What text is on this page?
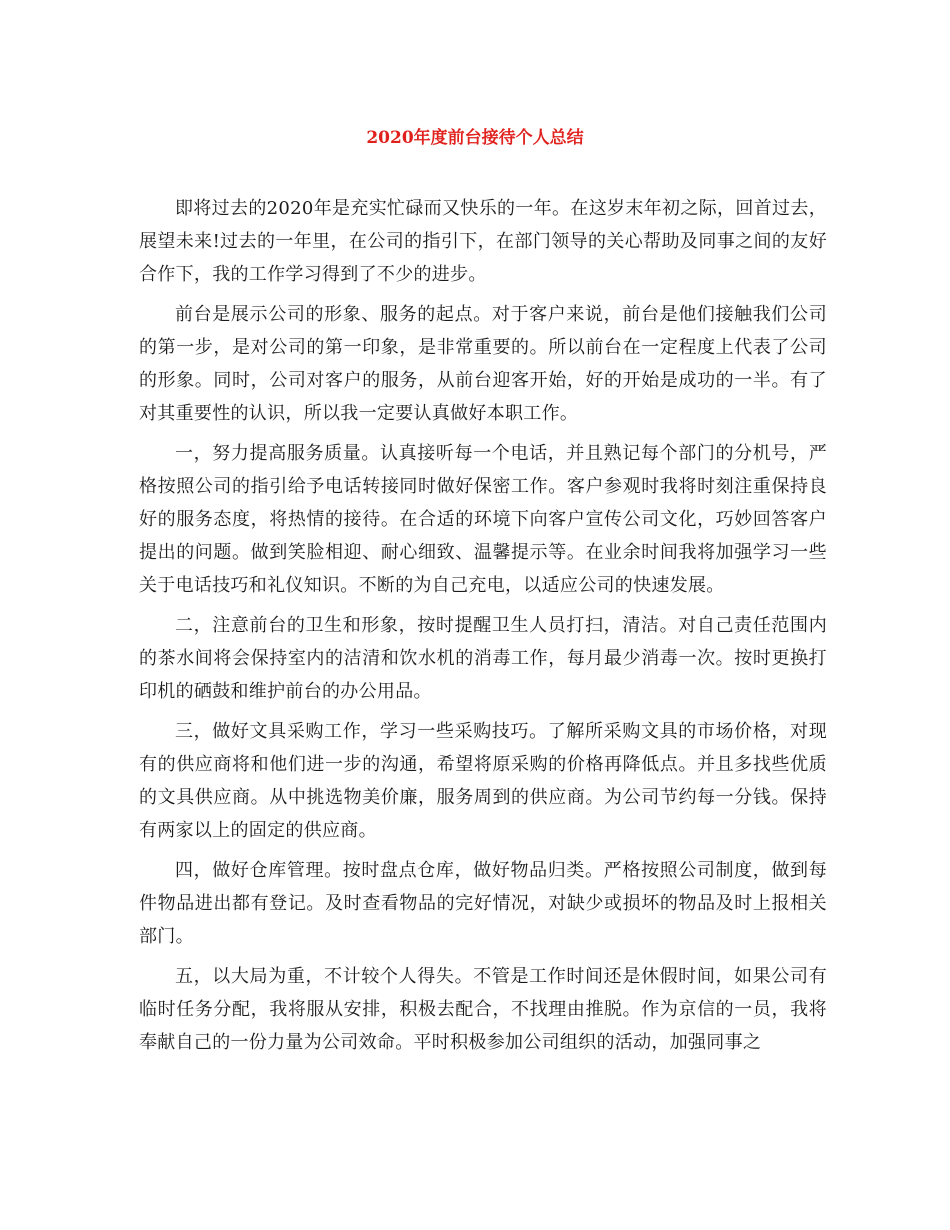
2020年度前台接待个人总结

即将过去的2020年是充实忙碌而又快乐的一年。在这岁末年初之际，回首过去，展望未来!过去的一年里，在公司的指引下，在部门领导的关心帮助及同事之间的友好合作下，我的工作学习得到了不少的进步。

前台是展示公司的形象、服务的起点。对于客户来说，前台是他们接触我们公司的第一步，是对公司的第一印象，是非常重要的。所以前台在一定程度上代表了公司的形象。同时，公司对客户的服务，从前台迎客开始，好的开始是成功的一半。有了对其重要性的认识，所以我一定要认真做好本职工作。

一，努力提高服务质量。认真接听每一个电话，并且熟记每个部门的分机号，严格按照公司的指引给予电话转接同时做好保密工作。客户参观时我将时刻注重保持良好的服务态度，将热情的接待。在合适的环境下向客户宣传公司文化，巧妙回答客户提出的问题。做到笑脸相迎、耐心细致、温馨提示等。在业余时间我将加强学习一些关于电话技巧和礼仪知识。不断的为自己充电，以适应公司的快速发展。

二，注意前台的卫生和形象，按时提醒卫生人员打扫，清洁。对自己责任范围内的茶水间将会保持室内的洁清和饮水机的消毒工作，每月最少消毒一次。按时更换打印机的硒鼓和维护前台的办公用品。

三，做好文具采购工作，学习一些采购技巧。了解所采购文具的市场价格，对现有的供应商将和他们进一步的沟通，希望将原采购的价格再降低点。并且多找些优质的文具供应商。从中挑选物美价廉，服务周到的供应商。为公司节约每一分钱。保持有两家以上的固定的供应商。

四，做好仓库管理。按时盘点仓库，做好物品归类。严格按照公司制度，做到每件物品进出都有登记。及时查看物品的完好情况，对缺少或损坏的物品及时上报相关部门。

五，以大局为重，不计较个人得失。不管是工作时间还是休假时间，如果公司有临时任务分配，我将服从安排，积极去配合，不找理由推脱。作为京信的一员，我将奉献自己的一份力量为公司效命。平时积极参加公司组织的活动，加强同事之
